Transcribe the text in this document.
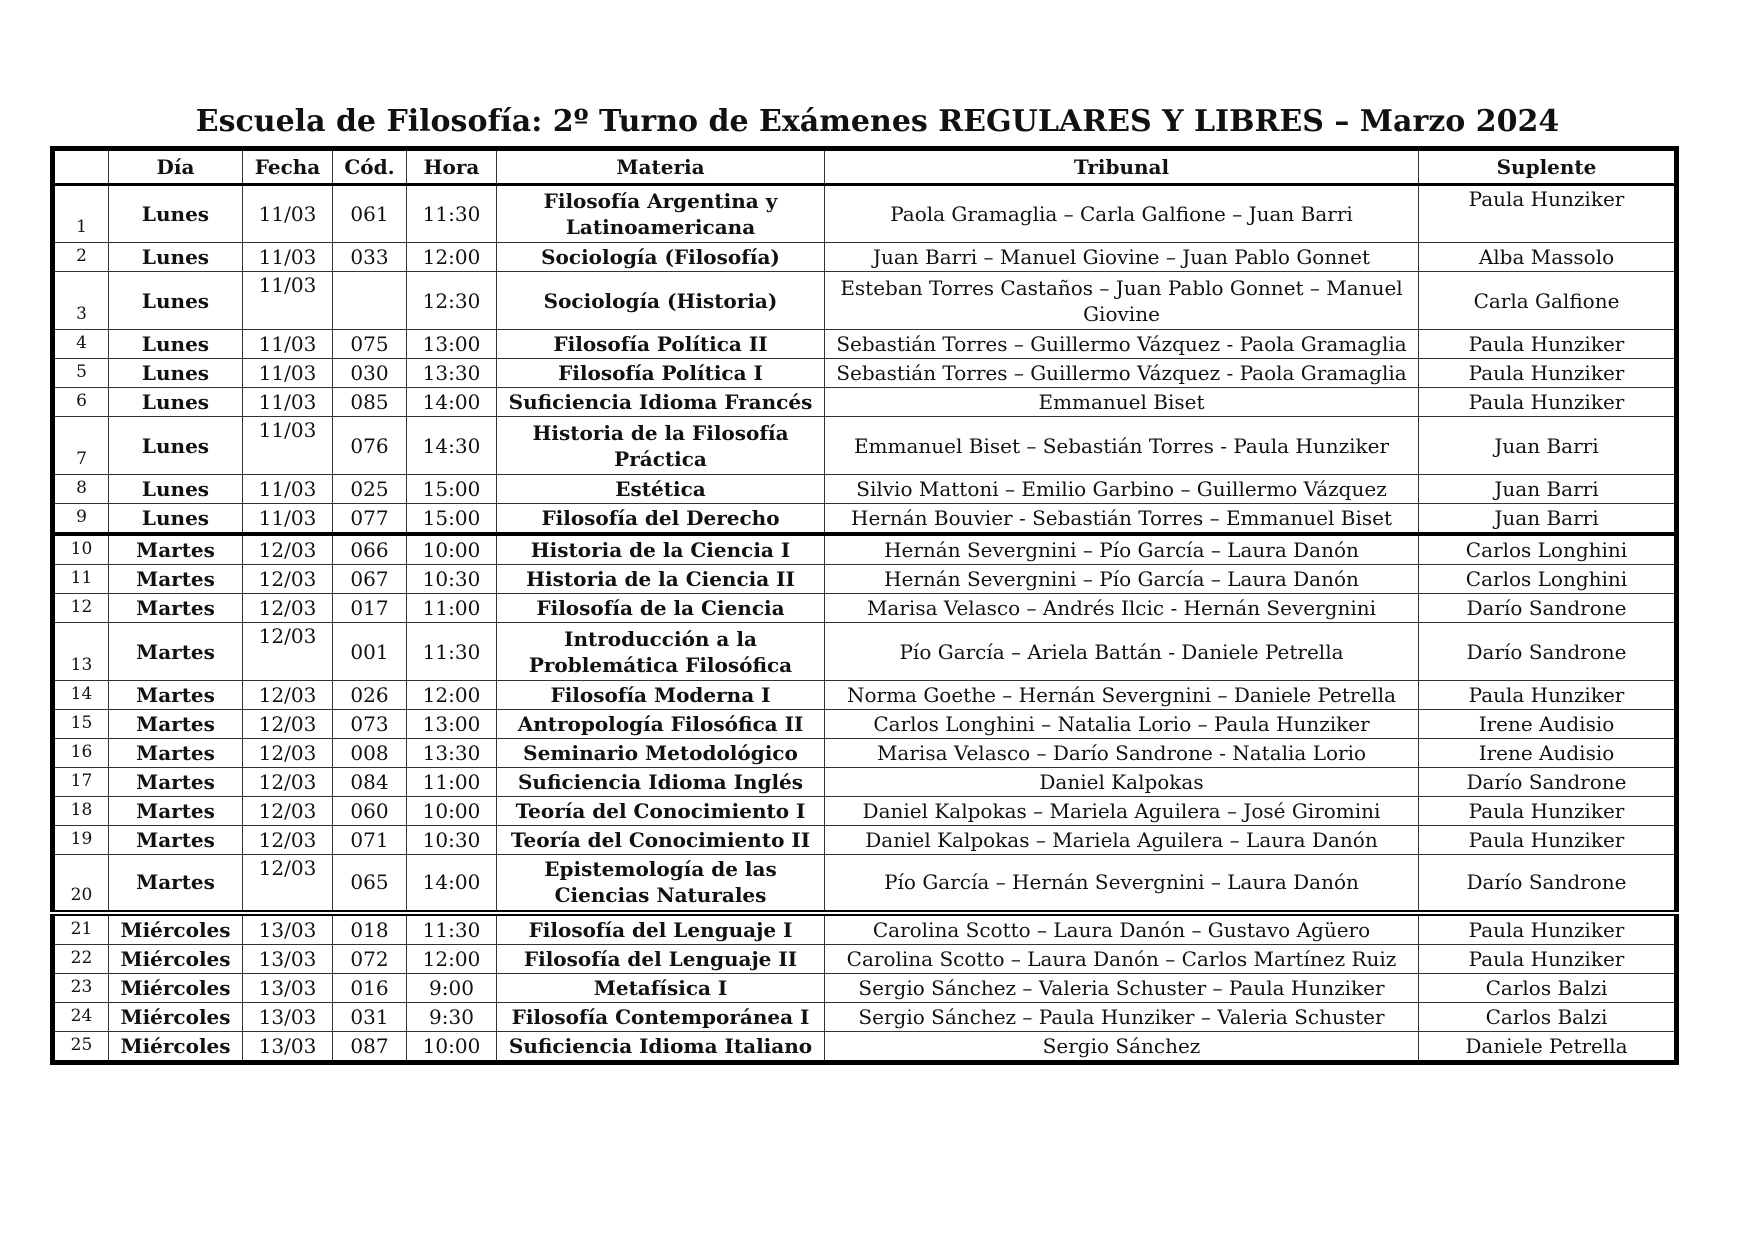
Escuela de Filosofía: 2º Turno de Exámenes REGULARES Y LIBRES – Marzo 2024
	Día	Fecha	Cód.	Hora	Materia	Tribunal	Suplente
1	Lunes	11/03	061	11:30	Filosofía Argentina y Latinoamericana	Paola Gramaglia – Carla Galfione – Juan Barri	Paula Hunziker
2	Lunes	11/03	033	12:00	Sociología (Filosofía)	Juan Barri – Manuel Giovine – Juan Pablo Gonnet	Alba Massolo
3	Lunes	11/03		12:30	Sociología (Historia)	Esteban Torres Castaños – Juan Pablo Gonnet – Manuel Giovine	Carla Galfione
4	Lunes	11/03	075	13:00	Filosofía Política II	Sebastián Torres – Guillermo Vázquez - Paola Gramaglia	Paula Hunziker
5	Lunes	11/03	030	13:30	Filosofía Política I	Sebastián Torres – Guillermo Vázquez - Paola Gramaglia	Paula Hunziker
6	Lunes	11/03	085	14:00	Suficiencia Idioma Francés	Emmanuel Biset	Paula Hunziker
7	Lunes	11/03	076	14:30	Historia de la Filosofía Práctica	Emmanuel Biset – Sebastián Torres - Paula Hunziker	Juan Barri
8	Lunes	11/03	025	15:00	Estética	Silvio Mattoni – Emilio Garbino – Guillermo Vázquez	Juan Barri
9	Lunes	11/03	077	15:00	Filosofía del Derecho	Hernán Bouvier - Sebastián Torres – Emmanuel Biset	Juan Barri
10	Martes	12/03	066	10:00	Historia de la Ciencia I	Hernán Severgnini – Pío García – Laura Danón	Carlos Longhini
11	Martes	12/03	067	10:30	Historia de la Ciencia II	Hernán Severgnini – Pío García – Laura Danón	Carlos Longhini
12	Martes	12/03	017	11:00	Filosofía de la Ciencia	Marisa Velasco – Andrés Ilcic - Hernán Severgnini	Darío Sandrone
13	Martes	12/03	001	11:30	Introducción a la Problemática Filosófica	Pío García – Ariela Battán - Daniele Petrella	Darío Sandrone
14	Martes	12/03	026	12:00	Filosofía Moderna I	Norma Goethe – Hernán Severgnini – Daniele Petrella	Paula Hunziker
15	Martes	12/03	073	13:00	Antropología Filosófica II	Carlos Longhini – Natalia Lorio – Paula Hunziker	Irene Audisio
16	Martes	12/03	008	13:30	Seminario Metodológico	Marisa Velasco – Darío Sandrone - Natalia Lorio	Irene Audisio
17	Martes	12/03	084	11:00	Suficiencia Idioma Inglés	Daniel Kalpokas	Darío Sandrone
18	Martes	12/03	060	10:00	Teoría del Conocimiento I	Daniel Kalpokas – Mariela Aguilera – José Giromini	Paula Hunziker
19	Martes	12/03	071	10:30	Teoría del Conocimiento II	Daniel Kalpokas – Mariela Aguilera – Laura Danón	Paula Hunziker
20	Martes	12/03	065	14:00	Epistemología de las Ciencias Naturales	Pío García – Hernán Severgnini – Laura Danón	Darío Sandrone
21	Miércoles	13/03	018	11:30	Filosofía del Lenguaje I	Carolina Scotto – Laura Danón – Gustavo Agüero	Paula Hunziker
22	Miércoles	13/03	072	12:00	Filosofía del Lenguaje II	Carolina Scotto – Laura Danón – Carlos Martínez Ruiz	Paula Hunziker
23	Miércoles	13/03	016	9:00	Metafísica I	Sergio Sánchez – Valeria Schuster – Paula Hunziker	Carlos Balzi
24	Miércoles	13/03	031	9:30	Filosofía Contemporánea I	Sergio Sánchez – Paula Hunziker – Valeria Schuster	Carlos Balzi
25	Miércoles	13/03	087	10:00	Suficiencia Idioma Italiano	Sergio Sánchez	Daniele Petrella
